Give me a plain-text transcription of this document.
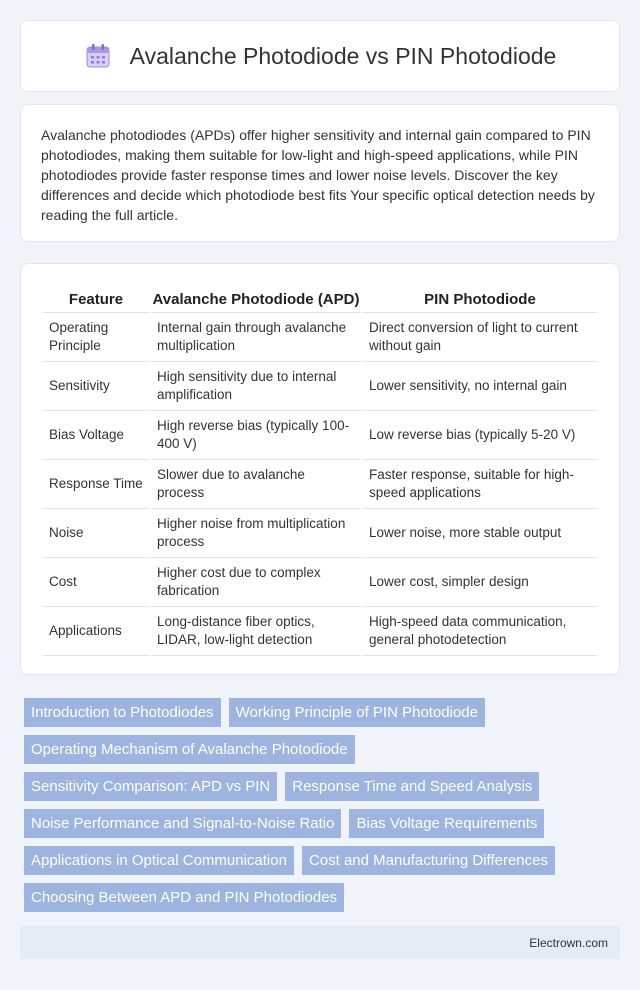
Avalanche Photodiode vs PIN Photodiode

Avalanche photodiodes (APDs) offer higher sensitivity and internal gain compared to PIN photodiodes, making them suitable for low-light and high-speed applications, while PIN photodiodes provide faster response times and lower noise levels. Discover the key differences and decide which photodiode best fits Your specific optical detection needs by reading the full article.

Feature	Avalanche Photodiode (APD)	PIN Photodiode
Operating Principle	Internal gain through avalanche multiplication	Direct conversion of light to current without gain
Sensitivity	High sensitivity due to internal amplification	Lower sensitivity, no internal gain
Bias Voltage	High reverse bias (typically 100-400 V)	Low reverse bias (typically 5-20 V)
Response Time	Slower due to avalanche process	Faster response, suitable for high-speed applications
Noise	Higher noise from multiplication process	Lower noise, more stable output
Cost	Higher cost due to complex fabrication	Lower cost, simpler design
Applications	Long-distance fiber optics, LIDAR, low-light detection	High-speed data communication, general photodetection
Introduction to Photodiodes	Working Principle of PIN Photodiode
Operating Mechanism of Avalanche Photodiode
Sensitivity Comparison: APD vs PIN	Response Time and Speed Analysis
Noise Performance and Signal-to-Noise Ratio	Bias Voltage Requirements
Applications in Optical Communication	Cost and Manufacturing Differences
Choosing Between APD and PIN Photodiodes
Electrown.com
